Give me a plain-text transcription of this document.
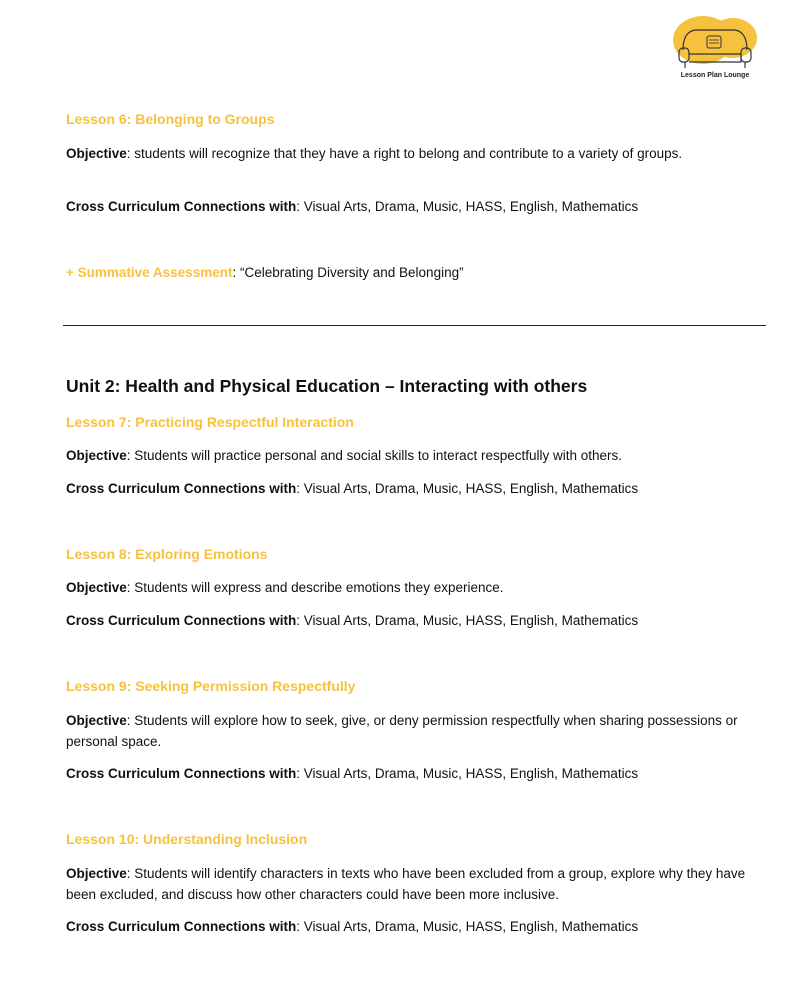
Lesson Plan Lounge
Lesson 6: Belonging to Groups
Objective: students will recognize that they have a right to belong and contribute to a variety of groups.
Cross Curriculum Connections with: Visual Arts, Drama, Music, HASS, English, Mathematics
+ Summative Assessment: “Celebrating Diversity and Belonging”
Unit 2: Health and Physical Education – Interacting with others
Lesson 7: Practicing Respectful Interaction
Objective: Students will practice personal and social skills to interact respectfully with others.
Cross Curriculum Connections with: Visual Arts, Drama, Music, HASS, English, Mathematics
Lesson 8: Exploring Emotions
Objective: Students will express and describe emotions they experience.
Cross Curriculum Connections with: Visual Arts, Drama, Music, HASS, English, Mathematics
Lesson 9: Seeking Permission Respectfully
Objective: Students will explore how to seek, give, or deny permission respectfully when sharing possessions or personal space.
Cross Curriculum Connections with: Visual Arts, Drama, Music, HASS, English, Mathematics
Lesson 10: Understanding Inclusion
Objective: Students will identify characters in texts who have been excluded from a group, explore why they have been excluded, and discuss how other characters could have been more inclusive.
Cross Curriculum Connections with: Visual Arts, Drama, Music, HASS, English, Mathematics
